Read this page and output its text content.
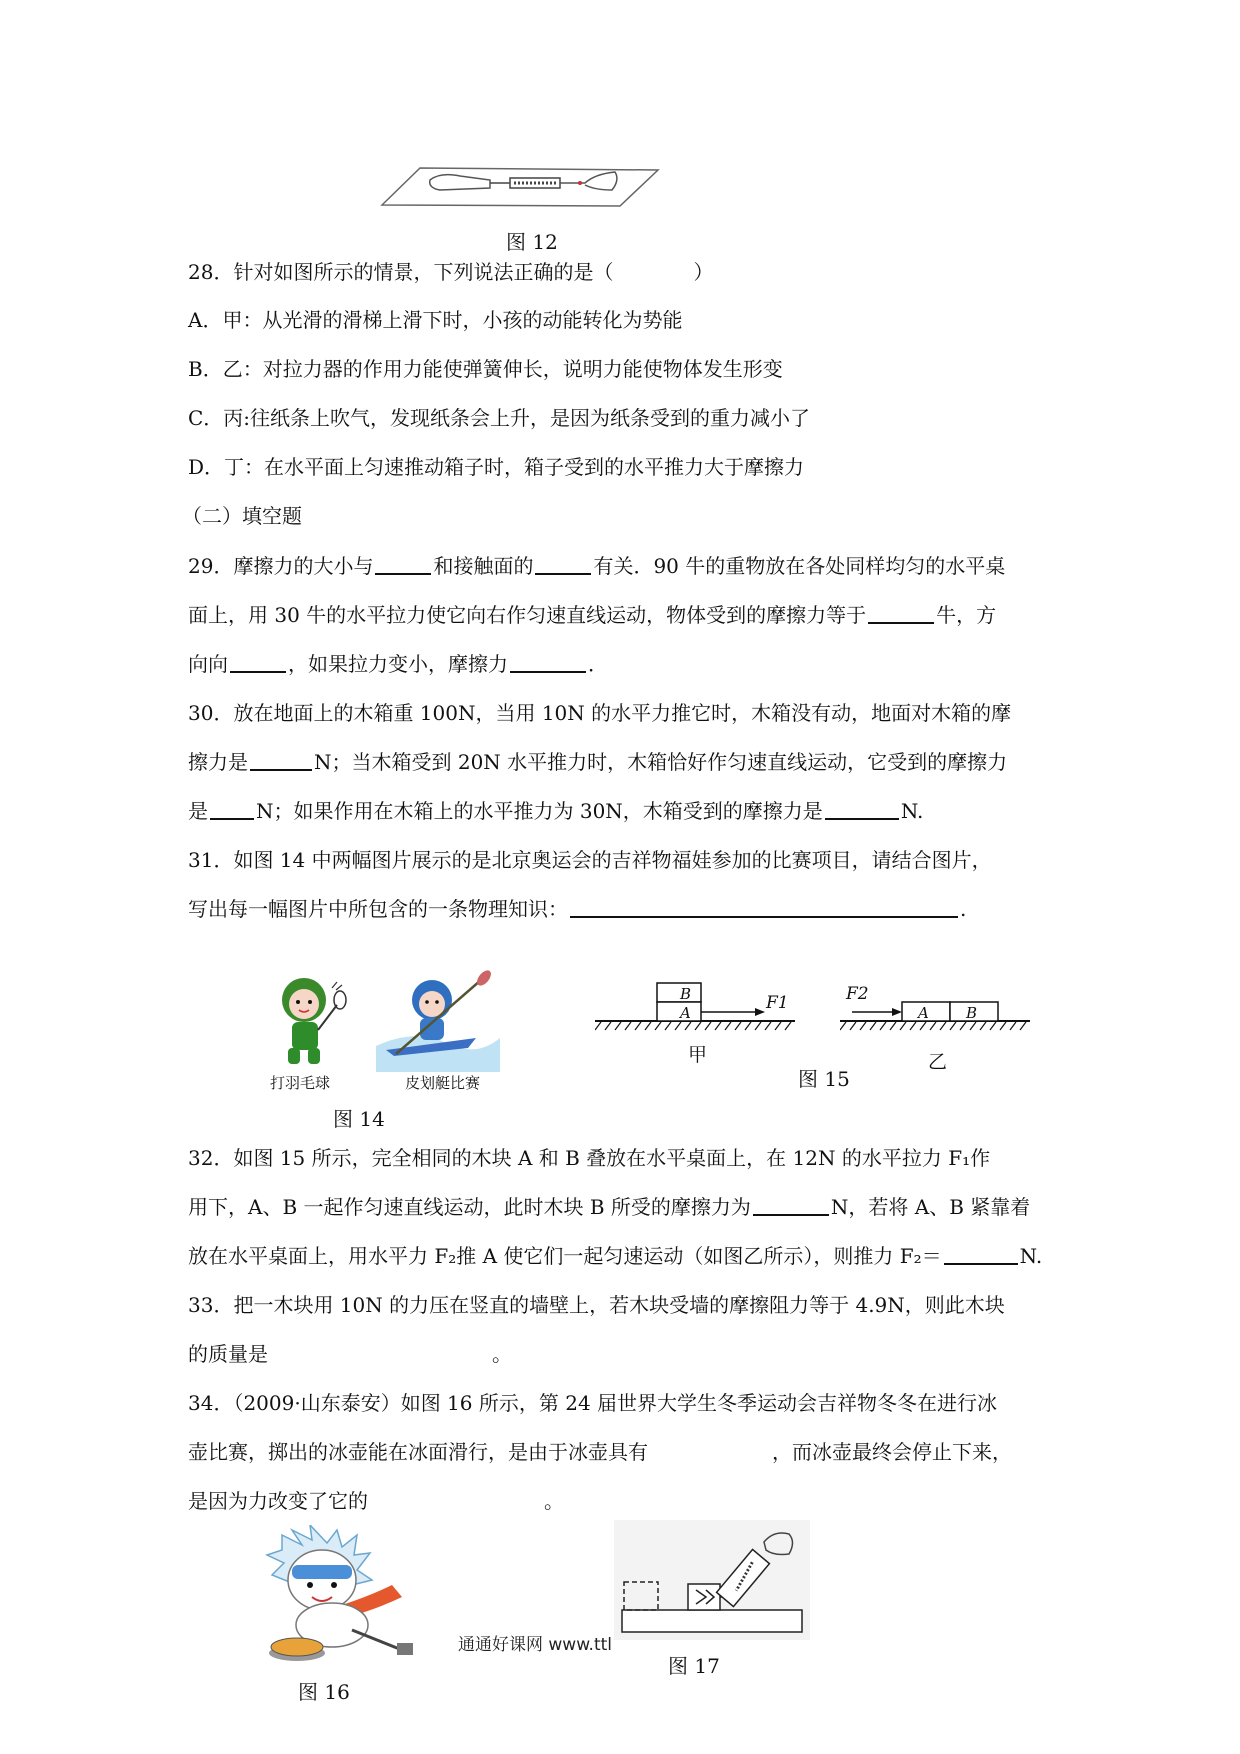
图 12
28．针对如图所示的情景，下列说法正确的是（	）
A．甲：从光滑的滑梯上滑下时，小孩的动能转化为势能
B．乙：对拉力器的作用力能使弹簧伸长，说明力能使物体发生形变
C．丙:往纸条上吹气，发现纸条会上升，是因为纸条受到的重力减小了
D．丁：在水平面上匀速推动箱子时，箱子受到的水平推力大于摩擦力
（二）填空题
29．摩擦力的大小与	和接触面的	有关．90 牛的重物放在各处同样均匀的水平桌
面上，用 30 牛的水平拉力使它向右作匀速直线运动，物体受到的摩擦力等于	牛，方
向向	，如果拉力变小，摩擦力	．
30．放在地面上的木箱重 100N，当用 10N 的水平力推它时，木箱没有动，地面对木箱的摩
擦力是	N；当木箱受到 20N 水平推力时，木箱恰好作匀速直线运动，它受到的摩擦力
是 N；如果作用在木箱上的水平推力为 30N，木箱受到的摩擦力是	N.
31．如图 14 中两幅图片展示的是北京奥运会的吉祥物福娃参加的比赛项目，请结合图片，
写出每一幅图片中所包含的一条物理知识：	.
打羽毛球	皮划艇比赛
图 14
B
A	F1
甲
F2
A B
乙
图 15
32．如图 15 所示，完全相同的木块 A 和 B 叠放在水平桌面上，在 12N 的水平拉力 F₁作
用下，A、B 一起作匀速直线运动，此时木块 B 所受的摩擦力为	N，若将 A、B 紧靠着
放在水平桌面上，用水平力 F₂推 A 使它们一起匀速运动（如图乙所示），则推力 F₂＝	N.
33．把一木块用 10N 的力压在竖直的墙壁上，若木块受墙的摩擦阻力等于 4.9N，则此木块
的质量是	。
34．（2009·山东泰安）如图 16 所示，第 24 届世界大学生冬季运动会吉祥物冬冬在进行冰
壶比赛，掷出的冰壶能在冰面滑行，是由于冰壶具有	，而冰壶最终会停止下来，
是因为力改变了它的	。
图 16
通通好课网 www.ttl
图 17
